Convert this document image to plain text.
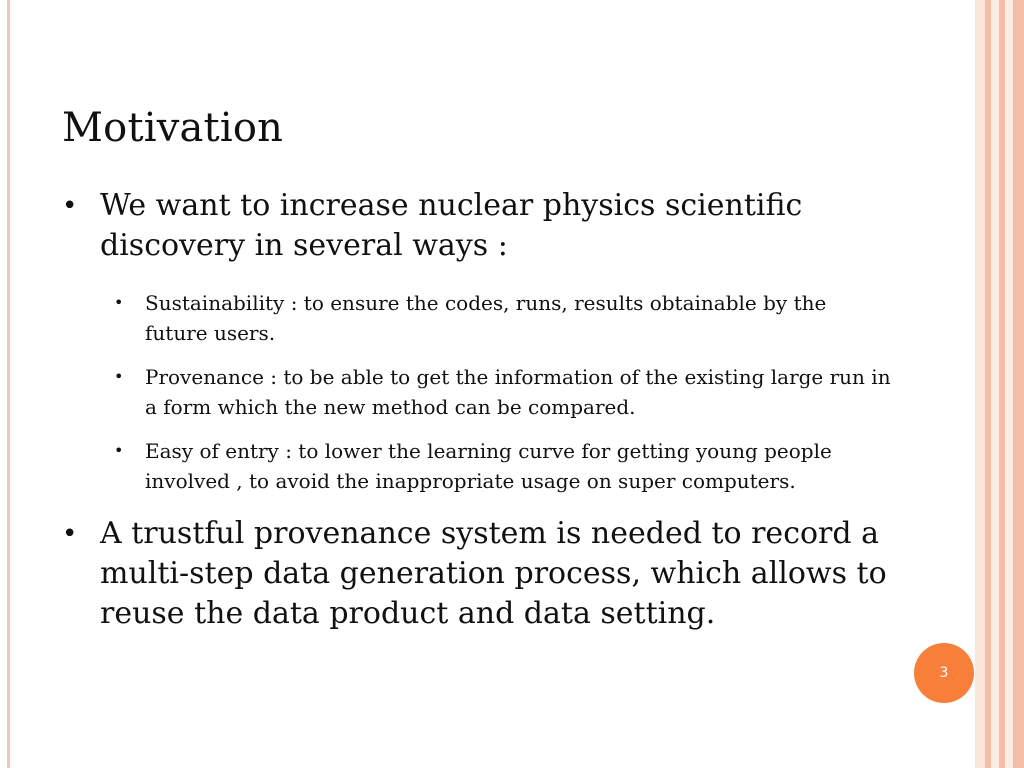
Motivation

• We want to increase nuclear physics scientific discovery in several ways :

• Sustainability : to ensure the codes, runs, results obtainable by the future users.

• Provenance : to be able to get the information of the existing large run in a form which the new method can be compared.

• Easy of entry : to lower the learning curve for getting young people involved , to avoid the inappropriate usage on super computers.

• A trustful provenance system is needed to record a multi-step data generation process, which allows to reuse the data product and data setting.

3
